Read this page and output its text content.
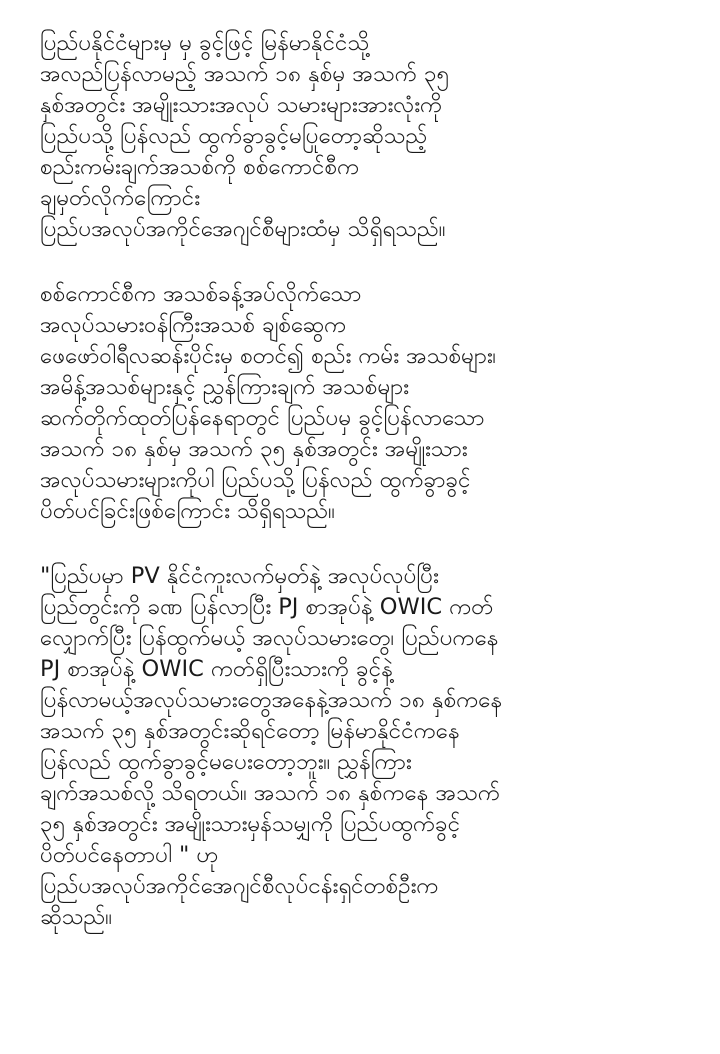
ပြည်ပနိုင်ငံများမှ မှ ခွင့်ဖြင့် မြန်မာနိုင်ငံသို့
အလည်ပြန်လာမည့် အသက် ၁၈ နှစ်မှ အသက် ၃၅
နှစ်အတွင်း အမျိုးသားအလုပ် သမားများအားလုံးကို
ပြည်ပသို့ ပြန်လည် ထွက်ခွာခွင့်မပြုတော့ဆိုသည့်
စည်းကမ်းချက်အသစ်ကို စစ်ကောင်စီက
ချမှတ်လိုက်ကြောင်း
ပြည်ပအလုပ်အကိုင်အေဂျင်စီများထံမှ သိရှိရသည်။
စစ်ကောင်စီက အသစ်ခန့်အပ်လိုက်သော
အလုပ်သမားဝန်ကြီးအသစ် ချစ်ဆွေက
ဖေဖော်ဝါရီလဆန်းပိုင်းမှ စတင်၍ စည်း ကမ်း အသစ်များ၊
အမိန့်အသစ်များနှင့် ညွှန်ကြားချက် အသစ်များ
ဆက်တိုက်ထုတ်ပြန်နေရာတွင် ပြည်ပမှ ခွင့်ပြန်လာသော
အသက် ၁၈ နှစ်မှ အသက် ၃၅ နှစ်အတွင်း အမျိုးသား
အလုပ်သမားများကိုပါ ပြည်ပသို့ ပြန်လည် ထွက်ခွာခွင့်
ပိတ်ပင်ခြင်းဖြစ်ကြောင်း သိရှိရသည်။
"ပြည်ပမှာ PV နိုင်ငံကူးလက်မှတ်နဲ့ အလုပ်လုပ်ပြီး
ပြည်တွင်းကို ခဏ ပြန်လာပြီး PJ စာအုပ်နဲ့ OWIC ကတ်
လျှောက်ပြီး ပြန်ထွက်မယ့် အလုပ်သမားတွေ၊ ပြည်ပကနေ
PJ စာအုပ်နဲ့ OWIC ကတ်ရှိပြီးသားကို ခွင့်နဲ့
ပြန်လာမယ့်အလုပ်သမားတွေအနေနဲ့အသက် ၁၈ နှစ်ကနေ
အသက် ၃၅ နှစ်အတွင်းဆိုရင်တော့ မြန်မာနိုင်ငံကနေ
ပြန်လည် ထွက်ခွာခွင့်မပေးတော့ဘူး။ ညွှန်ကြား
ချက်အသစ်လို့ သိရတယ်။ အသက် ၁၈ နှစ်ကနေ အသက်
၃၅ နှစ်အတွင်း အမျိုးသားမှန်သမျှကို ပြည်ပထွက်ခွင့်
ပိတ်ပင်နေတာပါ " ဟု
ပြည်ပအလုပ်အကိုင်အေဂျင်စီလုပ်ငန်းရှင်တစ်ဦးက
ဆိုသည်။
